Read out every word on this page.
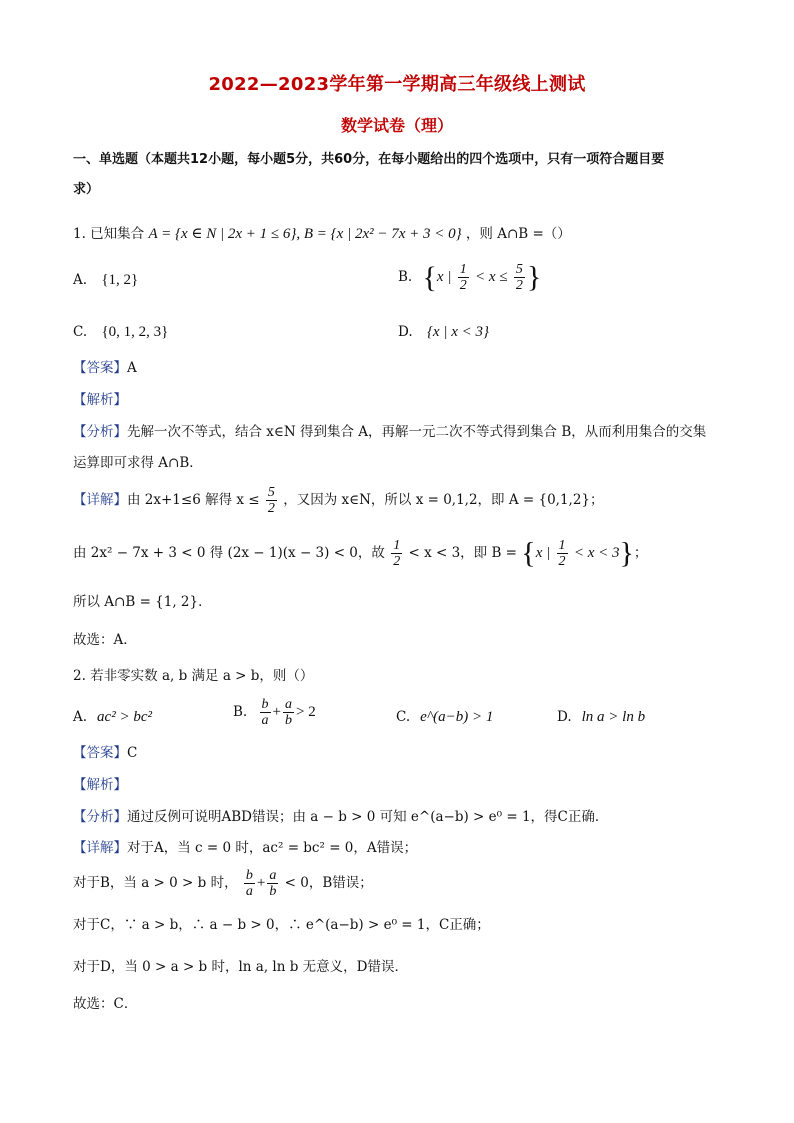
2022—2023学年第一学期高三年级线上测试
数学试卷（理）
一、单选题（本题共12小题，每小题5分，共60分，在每小题给出的四个选项中，只有一项符合题目要
求）
1. 已知集合 A = {x ∈ N | 2x + 1 ≤ 6}, B = {x | 2x² − 7x + 3 < 0} ，则 A∩B =（）
A. {1, 2}	B. {x | $\frac{1}{2} < x \le \frac{5}{2}$ }
C. {0, 1, 2, 3}	D. {x | x < 3}
【答案】A
【解析】
【分析】先解一次不等式，结合 x∈N 得到集合 A，再解一元二次不等式得到集合 B，从而利用集合的交集
运算即可求得 A∩B．
【详解】由 2x+1≤6 解得 $x \le \frac{5}{2}$ ，又因为 x∈N，所以 x = 0,1,2，即 A = {0,1,2}；
由 2x² − 7x + 3 < 0 得 (2x − 1)(x − 3) < 0，故 $\frac{1}{2} < x < 3$，即 B = {x | $\frac{1}{2} < x < 3$}；
所以 A∩B = {1, 2}．
故选：A．
2. 若非零实数 a, b 满足 a > b，则（）
A. ac² > bc²	B. $\frac{b}{a} + \frac{a}{b} > 2$	C. e^(a−b) > 1	D. ln a > ln b
【答案】C
【解析】
【分析】通过反例可说明ABD错误；由 a − b > 0 可知 e^(a−b) > e⁰ = 1，得C正确．
【详解】对于A，当 c = 0 时，ac² = bc² = 0，A错误；
对于B，当 a > 0 > b 时， $\frac{b}{a} + \frac{a}{b} < 0$，B错误；
对于C，∵ a > b，∴ a − b > 0，∴ e^(a−b) > e⁰ = 1，C正确；
对于D，当 0 > a > b 时，ln a, ln b 无意义，D错误．
故选：C．
